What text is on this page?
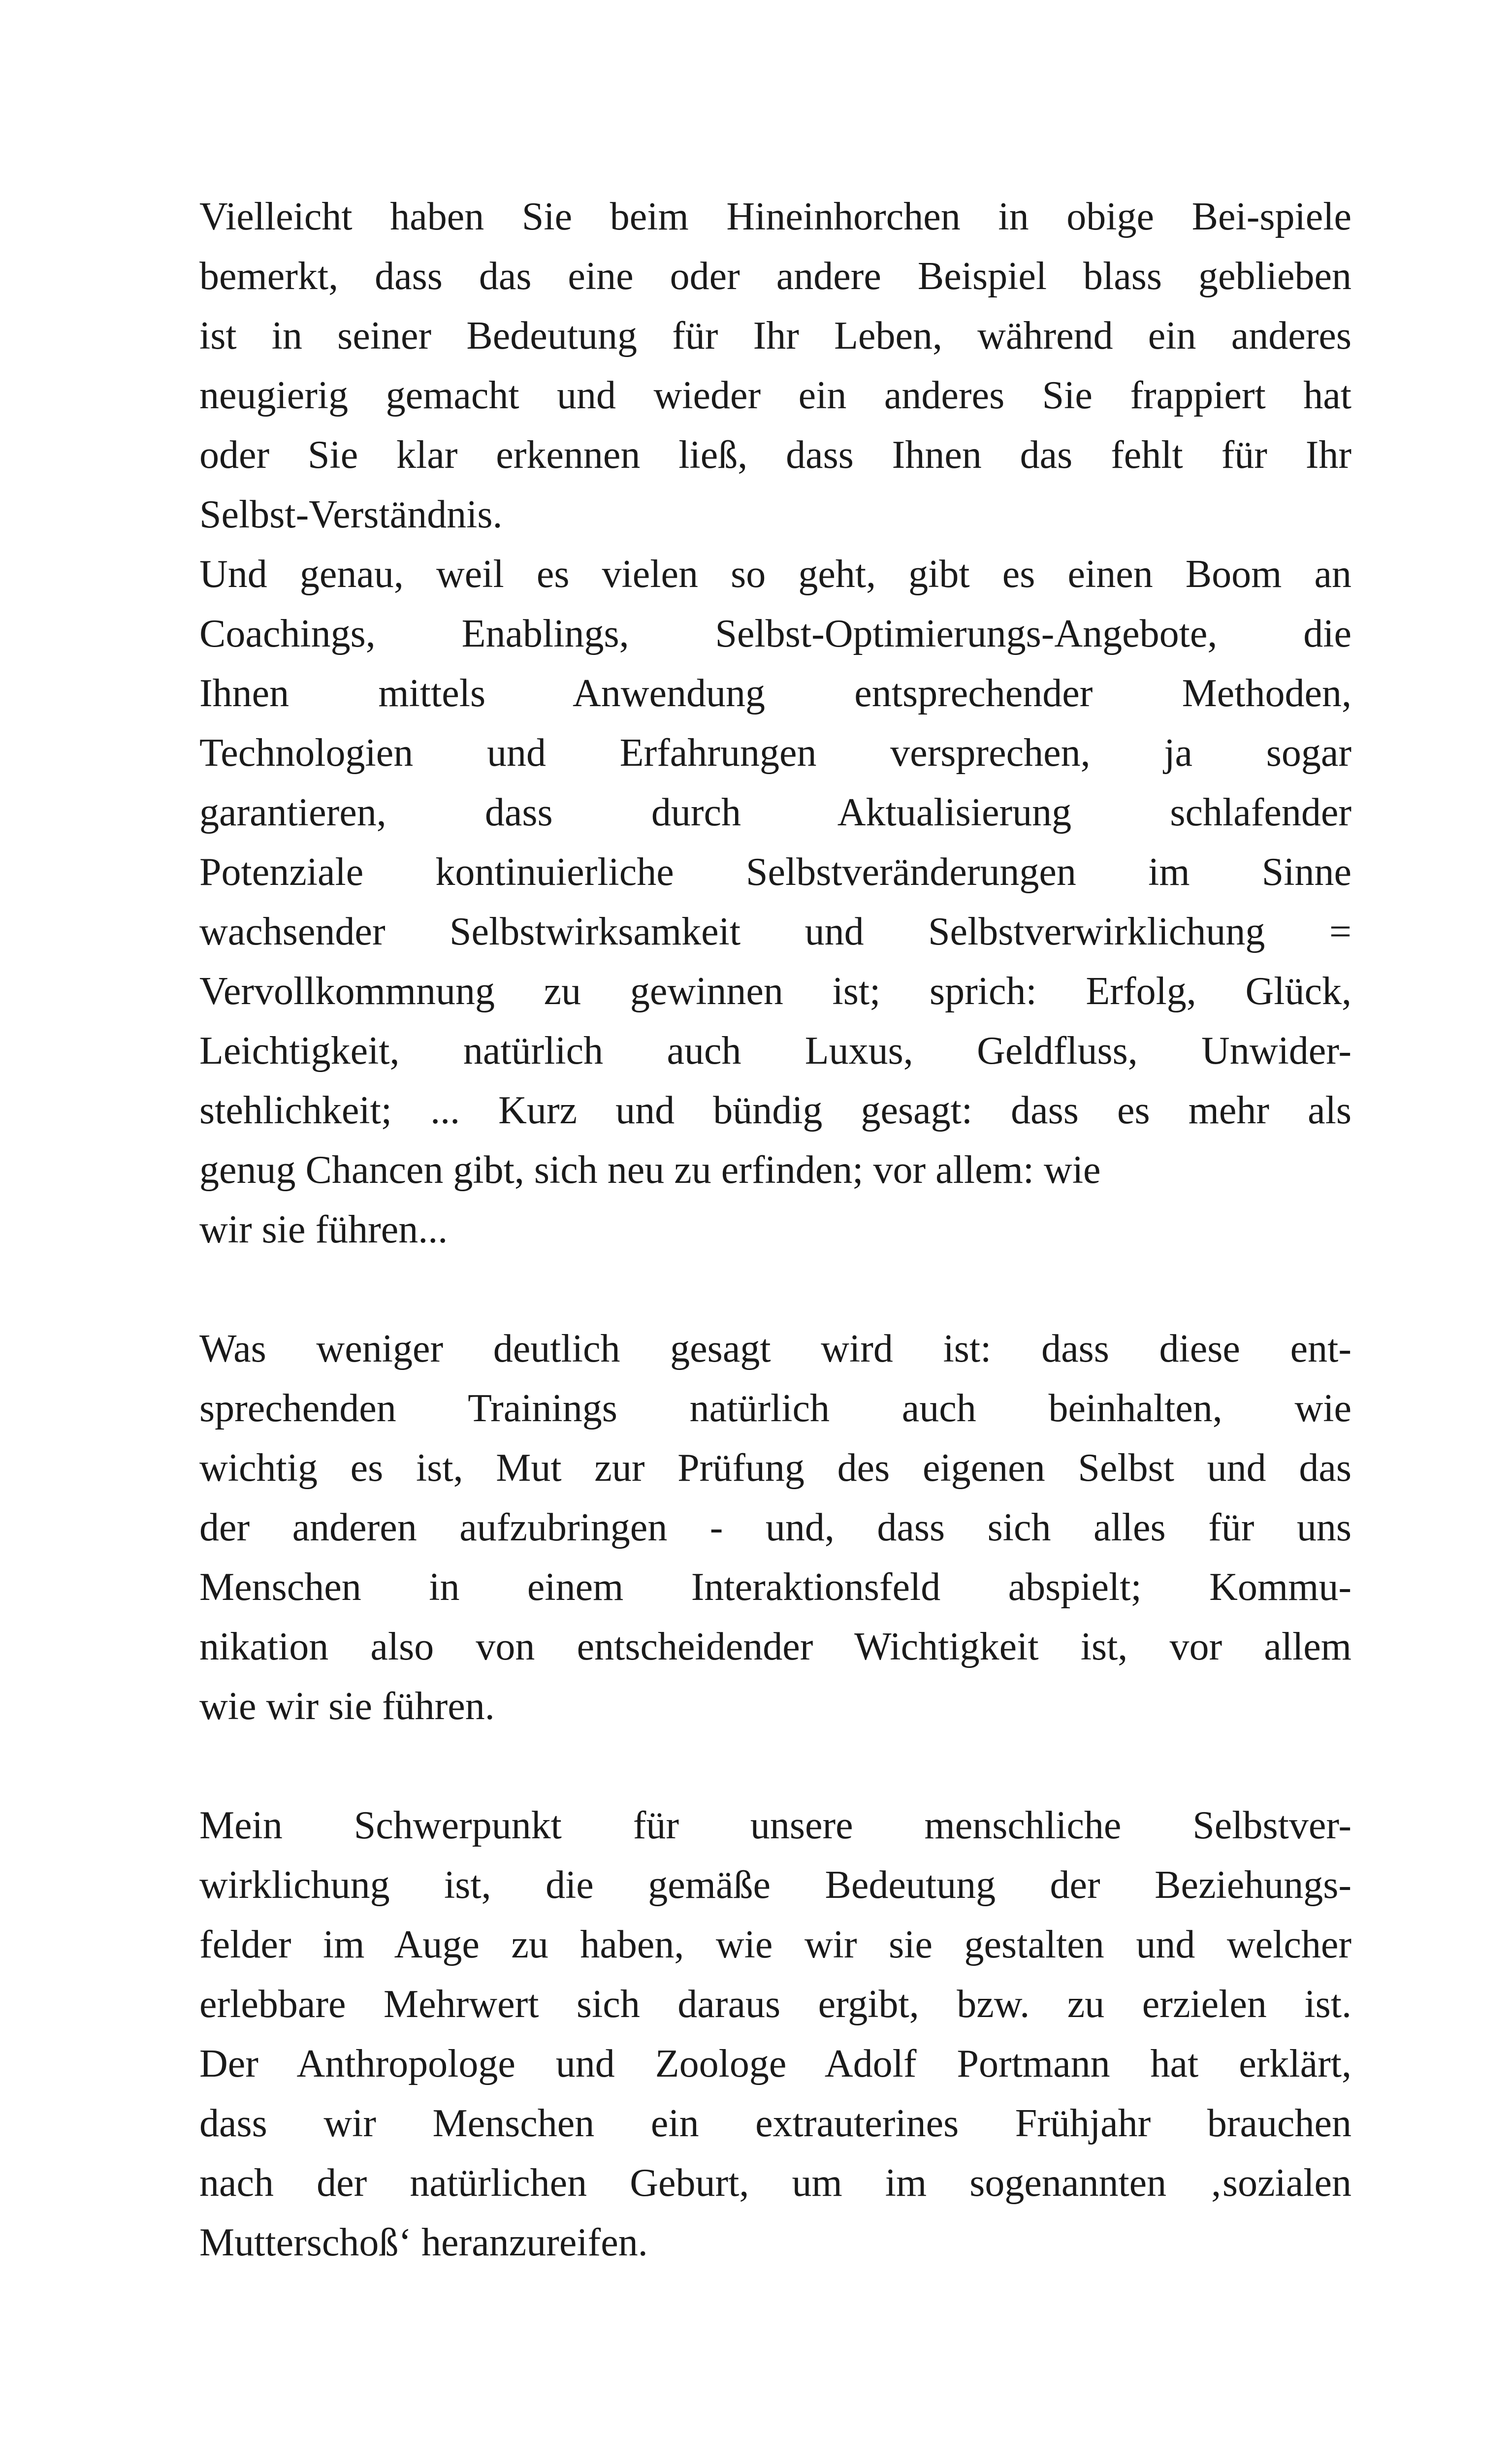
Vielleicht haben Sie beim Hineinhorchen in obige Bei-spiele
bemerkt, dass das eine oder andere Beispiel blass geblieben
ist in seiner Bedeutung für Ihr Leben, während ein anderes
neugierig gemacht und wieder ein anderes Sie frappiert hat
oder Sie klar erkennen ließ, dass Ihnen das fehlt für Ihr
Selbst-Verständnis.
Und genau, weil es vielen so geht, gibt es einen Boom an
Coachings, Enablings, Selbst-Optimierungs-Angebote, die
Ihnen mittels Anwendung entsprechender Methoden,
Technologien und Erfahrungen versprechen, ja sogar
garantieren, dass durch Aktualisierung schlafender
Potenziale kontinuierliche Selbstveränderungen im Sinne
wachsender Selbstwirksamkeit und Selbstverwirklichung =
Vervollkommnung zu gewinnen ist; sprich: Erfolg, Glück,
Leichtigkeit, natürlich auch Luxus, Geldfluss, Unwider-
stehlichkeit; ... Kurz und bündig gesagt: dass es mehr als
genug Chancen gibt, sich neu zu erfinden; vor allem: wie
wir sie führen...
Was weniger deutlich gesagt wird ist: dass diese ent-
sprechenden Trainings natürlich auch beinhalten, wie
wichtig es ist, Mut zur Prüfung des eigenen Selbst und das
der anderen aufzubringen - und, dass sich alles für uns
Menschen in einem Interaktionsfeld abspielt; Kommu-
nikation also von entscheidender Wichtigkeit ist, vor allem
wie wir sie führen.
Mein Schwerpunkt für unsere menschliche Selbstver-
wirklichung ist, die gemäße Bedeutung der Beziehungs-
felder im Auge zu haben, wie wir sie gestalten und welcher
erlebbare Mehrwert sich daraus ergibt, bzw. zu erzielen ist.
Der Anthropologe und Zoologe Adolf Portmann hat erklärt,
dass wir Menschen ein extrauterines Frühjahr brauchen
nach der natürlichen Geburt, um im sogenannten ‚sozialen
Mutterschoß‘ heranzureifen.
